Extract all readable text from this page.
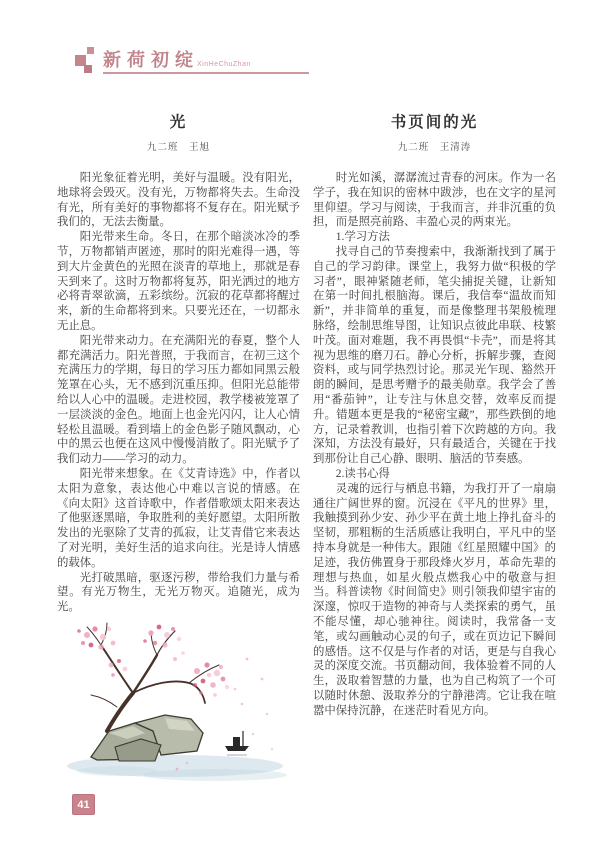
新荷初绽
XinHeChuZhan
光
九二班　王旭

阳光象征着光明，美好与温暖。没有阳光，地球将会毁灭。没有光，万物都将失去。生命没有光，所有美好的事物都将不复存在。阳光赋予我们的，无法去衡量。

阳光带来生命。冬日，在那个暗淡冰冷的季节，万物都销声匿迹，那时的阳光难得一遇，等到大片金黄色的光照在淡青的草地上，那就是春天到来了。这时万物都将复苏，阳光洒过的地方必将青翠欲滴，五彩缤纷。沉寂的花草都将醒过来，新的生命都将到来。只要光还在，一切都永无止息。

阳光带来动力。在充满阳光的春夏，整个人都充满活力。阳光普照，于我而言，在初三这个充满压力的学期，每日的学习压力都如同黑云般笼罩在心头，无不感到沉重压抑。但阳光总能带给以人心中的温暖。走进校园，教学楼被笼罩了一层淡淡的金色。地面上也金光闪闪，让人心情轻松且温暖。看到墙上的金色影子随风飘动，心中的黑云也便在这风中慢慢消散了。阳光赋予了我们动力——学习的动力。

阳光带来想象。在《艾青诗选》中，作者以太阳为意象，表达他心中难以言说的情感。在《向太阳》这首诗歌中，作者借歌颂太阳来表达了他驱逐黑暗，争取胜利的美好愿望。太阳所散发出的光驱除了艾青的孤寂，让艾青借它来表达了对光明，美好生活的追求向往。光是诗人情感的载体。

光打破黑暗，驱逐污秽，带给我们力量与希望。有光万物生，无光万物灭。追随光，成为光。

书页间的光
九二班　王清涛

时光如溪，潺潺流过青春的河床。作为一名学子，我在知识的密林中跋涉，也在文字的星河里仰望。学习与阅读，于我而言，并非沉重的负担，而是照亮前路、丰盈心灵的两束光。

1.学习方法

找寻自己的节奏搜索中，我渐渐找到了属于自己的学习韵律。课堂上，我努力做“积极的学习者”，眼神紧随老师，笔尖捕捉关键，让新知在第一时间扎根脑海。课后，我信奉“温故而知新”，并非简单的重复，而是像整理书架般梳理脉络，绘制思维导图，让知识点彼此串联、枝繁叶茂。面对难题，我不再畏惧“卡壳”，而是将其视为思维的磨刀石。静心分析，拆解步骤，查阅资料，或与同学热烈讨论。那灵光乍现、豁然开朗的瞬间，是思考赠予的最美勋章。我学会了善用“番茄钟”，让专注与休息交替，效率反而提升。错题本更是我的“秘密宝藏”，那些跌倒的地方，记录着教训，也指引着下次跨越的方向。我深知，方法没有最好，只有最适合，关键在于找到那份让自己心静、眼明、脑活的节奏感。

2.读书心得

灵魂的远行与栖息书籍，为我打开了一扇扇通往广阔世界的窗。沉浸在《平凡的世界》里，我触摸到孙少安、孙少平在黄土地上挣扎奋斗的坚韧，那粗粝的生活质感让我明白，平凡中的坚持本身就是一种伟大。跟随《红星照耀中国》的足迹，我仿佛置身于那段烽火岁月，革命先辈的理想与热血，如星火般点燃我心中的敬意与担当。科普读物《时间简史》则引领我仰望宇宙的深邃，惊叹于造物的神奇与人类探索的勇气，虽不能尽懂，却心驰神往。阅读时，我常备一支笔，或勾画触动心灵的句子，或在页边记下瞬间的感悟。这不仅是与作者的对话，更是与自我心灵的深度交流。书页翻动间，我体验着不同的人生，汲取着智慧的力量，也为自己构筑了一个可以随时休憩、汲取养分的宁静港湾。它让我在喧嚣中保持沉静，在迷茫时看见方向。

41
